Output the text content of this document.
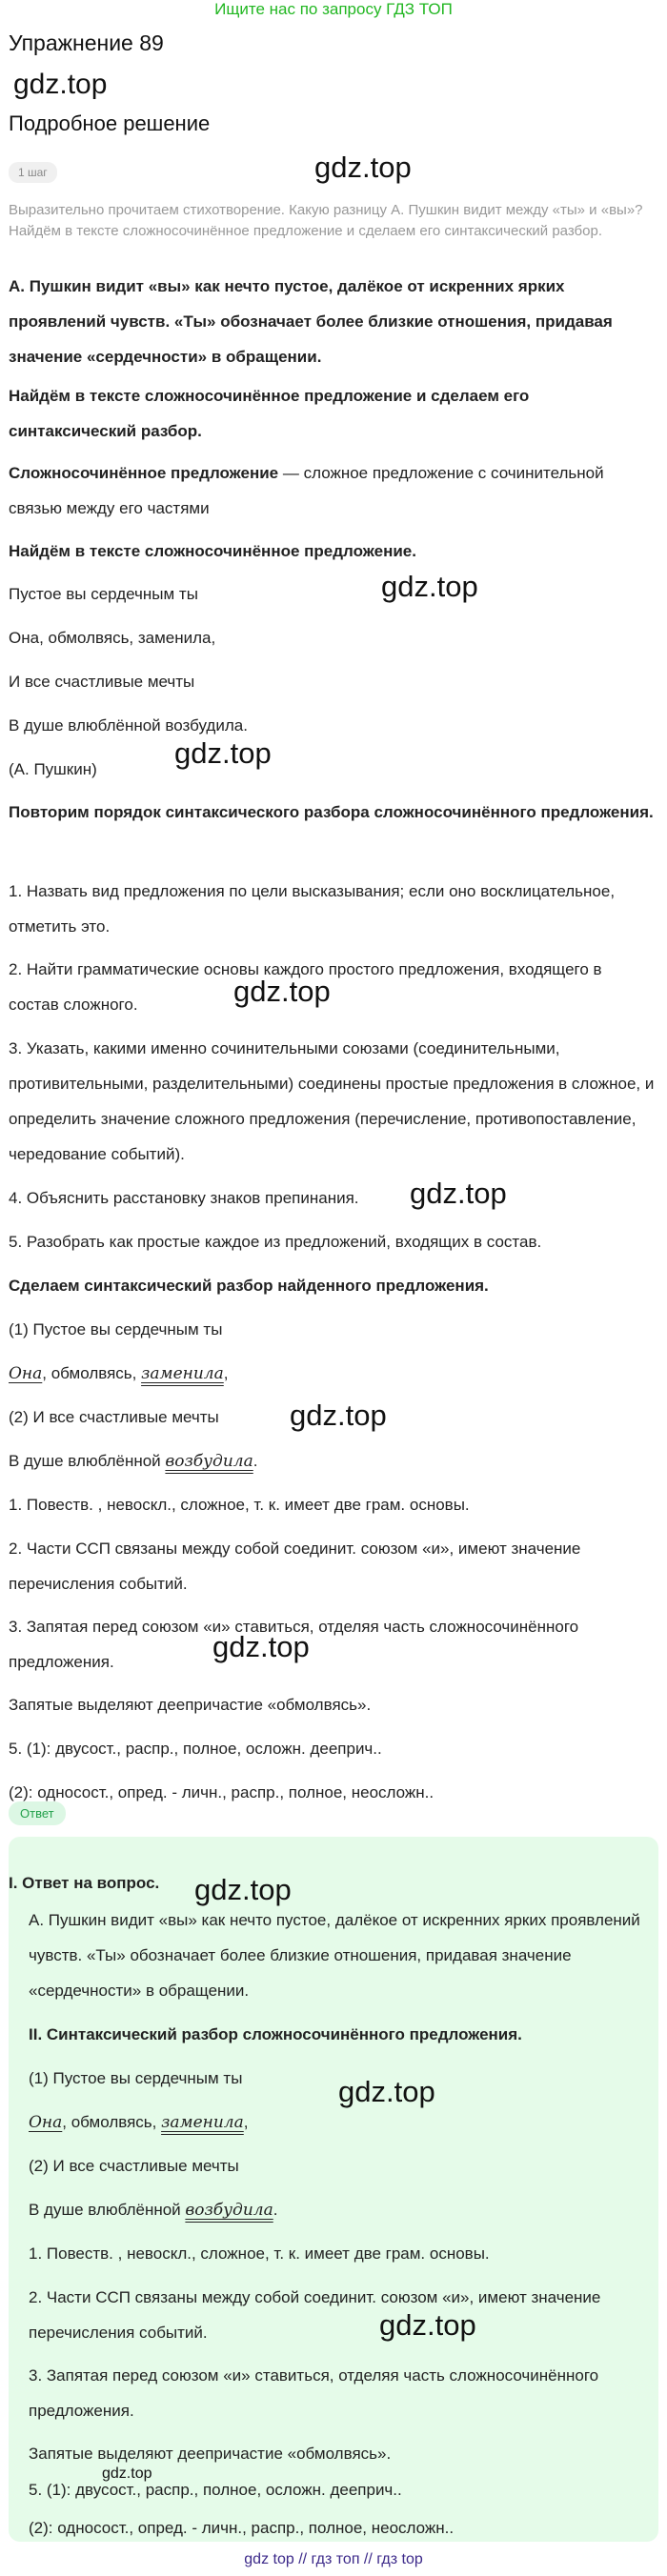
Ищите нас по запросу ГДЗ ТОП
Упражнение 89
gdz.top
Подробное решение
1 шаг	gdz.top
Выразительно прочитаем стихотворение. Какую разницу А. Пушкин видит между «ты» и «вы»? Найдём в тексте сложносочинённое предложение и сделаем его синтаксический разбор.
А. Пушкин видит «вы» как нечто пустое, далёкое от искренних ярких проявлений чувств. «Ты» обозначает более близкие отношения, придавая значение «сердечности» в обращении.
Найдём в тексте сложносочинённое предложение и сделаем его синтаксический разбор.
Сложносочинённое предложение — сложное предложение с сочинительной связью между его частями
Найдём в тексте сложносочинённое предложение.
Пустое вы сердечным ты	gdz.top
Она, обмолвясь, заменила,
И все счастливые мечты
В душе влюблённой возбудила.
(А. Пушкин)	gdz.top
Повторим порядок синтаксического разбора сложносочинённого предложения.
1. Назвать вид предложения по цели высказывания; если оно восклицательное, отметить это.
2. Найти грамматические основы каждого простого предложения, входящего в состав сложного.	gdz.top
3. Указать, какими именно сочинительными союзами (соединительными, противительными, разделительными) соединены простые предложения в сложное, и определить значение сложного предложения (перечисление, противопоставление, чередование событий).
4. Объяснить расстановку знаков препинания.	gdz.top
5. Разобрать как простые каждое из предложений, входящих в состав.
Сделаем синтаксический разбор найденного предложения.
(1) Пустое вы сердечным ты
Она, обмолвясь, заменила,
(2) И все счастливые мечты	gdz.top
В душе влюблённой возбудила.
1. Повеств. , невоскл., сложное, т. к. имеет две грам. основы.
2. Части ССП связаны между собой соединит. союзом «и», имеют значение перечисления событий.
3. Запятая перед союзом «и» ставиться, отделяя часть сложносочинённого предложения.	gdz.top
Запятые выделяют деепричастие «обмолвясь».
5. (1): двусост., распр., полное, осложн. дееприч..
(2): односост., опред. - личн., распр., полное, неосложн..
Ответ
I. Ответ на вопрос.	gdz.top
А. Пушкин видит «вы» как нечто пустое, далёкое от искренних ярких проявлений чувств. «Ты» обозначает более близкие отношения, придавая значение «сердечности» в обращении.
II. Синтаксический разбор сложносочинённого предложения.
(1) Пустое вы сердечным ты	gdz.top
Она, обмолвясь, заменила,
(2) И все счастливые мечты
В душе влюблённой возбудила.
1. Повеств. , невоскл., сложное, т. к. имеет две грам. основы.
2. Части ССП связаны между собой соединит. союзом «и», имеют значение перечисления событий.	gdz.top
3. Запятая перед союзом «и» ставиться, отделяя часть сложносочинённого предложения.
Запятые выделяют деепричастие «обмолвясь».
gdz.top
5. (1): двусост., распр., полное, осложн. дееприч..
(2): односост., опред. - личн., распр., полное, неосложн..
gdz top // гдз топ // гдз top
